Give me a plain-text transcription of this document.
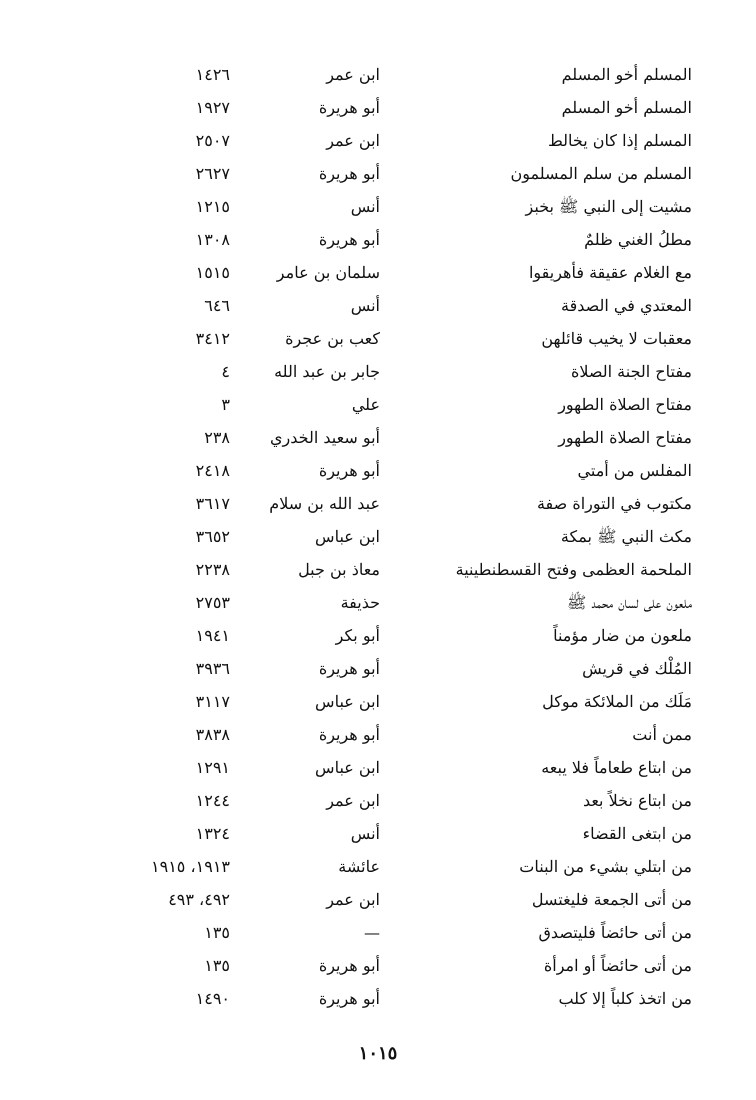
المسلم أخو المسلم
ابن عمر
١٤٢٦
المسلم أخو المسلم
أبو هريرة
١٩٢٧
المسلم إذا كان يخالط
ابن عمر
٢٥٠٧
المسلم من سلم المسلمون
أبو هريرة
٢٦٢٧
مشيت إلى النبي ﷺ بخبز
أنس
١٢١٥
مطلُ الغني ظلمٌ
أبو هريرة
١٣٠٨
مع الغلام عقيقة فأهريقوا
سلمان بن عامر
١٥١٥
المعتدي في الصدقة
أنس
٦٤٦
معقبات لا يخيب قائلهن
كعب بن عجرة
٣٤١٢
مفتاح الجنة الصلاة
جابر بن عبد الله
٤
مفتاح الصلاة الطهور
علي
٣
مفتاح الصلاة الطهور
أبو سعيد الخدري
٢٣٨
المفلس من أمتي
أبو هريرة
٢٤١٨
مكتوب في التوراة صفة
عبد الله بن سلام
٣٦١٧
مكث النبي ﷺ بمكة
ابن عباس
٣٦٥٢
الملحمة العظمى وفتح القسطنطينية
معاذ بن جبل
٢٢٣٨
ملعون على لسان محمد ﷺ
حذيفة
٢٧٥٣
ملعون من ضار مؤمناً
أبو بكر
١٩٤١
المُلْك في قريش
أبو هريرة
٣٩٣٦
مَلَك من الملائكة موكل
ابن عباس
٣١١٧
ممن أنت
أبو هريرة
٣٨٣٨
من ابتاع طعاماً فلا يبعه
ابن عباس
١٢٩١
من ابتاع نخلاً بعد
ابن عمر
١٢٤٤
من ابتغى القضاء
أنس
١٣٢٤
من ابتلي بشيء من البنات
عائشة
١٩١٣، ١٩١٥
من أتى الجمعة فليغتسل
ابن عمر
٤٩٢، ٤٩٣
من أتى حائضاً فليتصدق
—
١٣٥
من أتى حائضاً أو امرأة
أبو هريرة
١٣٥
من اتخذ كلباً إلا كلب
أبو هريرة
١٤٩٠
١٠١٥
